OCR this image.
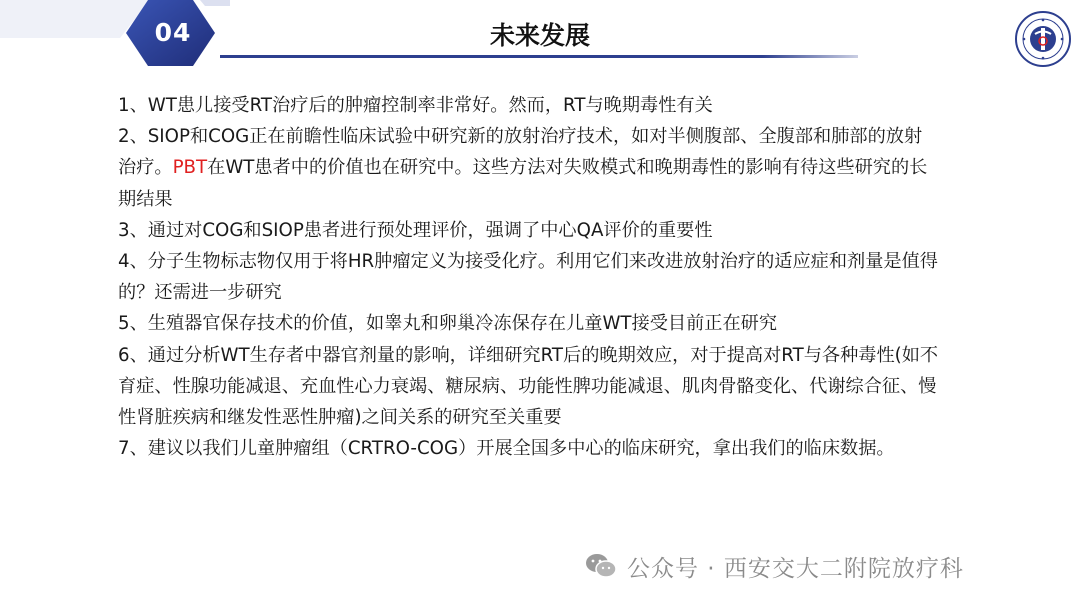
04	未来发展
1、WT患儿接受RT治疗后的肿瘤控制率非常好。然而，RT与晚期毒性有关
2、SIOP和COG正在前瞻性临床试验中研究新的放射治疗技术，如对半侧腹部、全腹部和肺部的放射治疗。PBT在WT患者中的价值也在研究中。这些方法对失败模式和晚期毒性的影响有待这些研究的长期结果
3、通过对COG和SIOP患者进行预处理评价，强调了中心QA评价的重要性
4、分子生物标志物仅用于将HR肿瘤定义为接受化疗。利用它们来改进放射治疗的适应症和剂量是值得的？还需进一步研究
5、生殖器官保存技术的价值，如睾丸和卵巢冷冻保存在儿童WT接受目前正在研究
6、通过分析WT生存者中器官剂量的影响，详细研究RT后的晚期效应，对于提高对RT与各种毒性(如不育症、性腺功能减退、充血性心力衰竭、糖尿病、功能性脾功能减退、肌肉骨骼变化、代谢综合征、慢性肾脏疾病和继发性恶性肿瘤)之间关系的研究至关重要
7、建议以我们儿童肿瘤组（CRTRO-COG）开展全国多中心的临床研究，拿出我们的临床数据。
公众号 · 西安交大二附院放疗科
